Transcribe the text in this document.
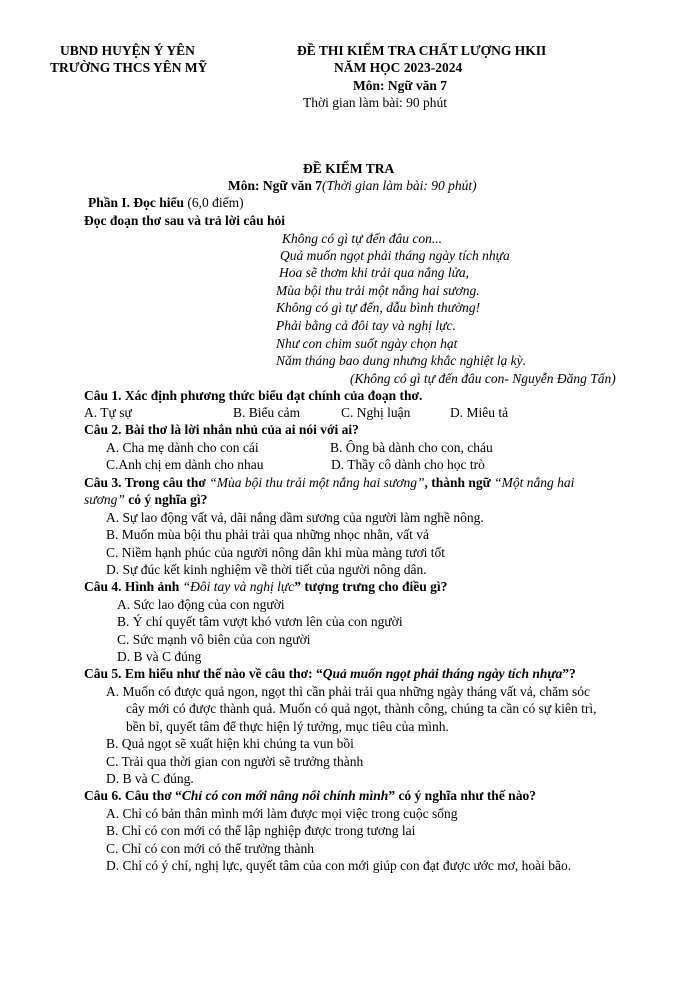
UBND HUYỆN Ý YÊN
TRƯỜNG THCS YÊN MỸ
ĐỀ THI KIỂM TRA CHẤT LƯỢNG HKII
NĂM HỌC 2023-2024
Môn: Ngữ văn 7
Thời gian làm bài: 90 phút
ĐỀ KIỂM TRA
Môn: Ngữ văn 7(Thời gian làm bài: 90 phút)
Phần I. Đọc hiểu (6,0 điểm)
Đọc đoạn thơ sau và trả lời câu hỏi
Không có gì tự đến đâu con...
Quả muốn ngọt phải tháng ngày tích nhựa
Hoa sẽ thơm khi trải qua nắng lửa,
Mùa bội thu trải một nắng hai sương.
Không có gì tự đến, dẫu bình thường!
Phải bằng cả đôi tay và nghị lực.
Như con chim suốt ngày chọn hạt
Năm tháng bao dung nhưng khắc nghiệt lạ kỳ.
(Không có gì tự đến đâu con- Nguyễn Đăng Tấn)
Câu 1. Xác định phương thức biểu đạt chính của đoạn thơ.
A. Tự sự	B. Biểu cảm	C. Nghị luận	D. Miêu tả
Câu 2. Bài thơ là lời nhắn nhủ của ai nói với ai?
A. Cha mẹ dành cho con cái	B. Ông bà dành cho con, cháu
C.Anh chị em dành cho nhau	D. Thầy cô dành cho học trò
Câu 3. Trong câu thơ “Mùa bội thu trải một nắng hai sương”, thành ngữ “Một nắng hai
sương” có ý nghĩa gì?
A. Sự lao động vất vả, dãi nắng dầm sương của người làm nghề nông.
B. Muốn mùa bội thu phải trải qua những nhọc nhằn, vất vả
C. Niềm hạnh phúc của người nông dân khi mùa màng tươi tốt
D. Sự đúc kết kinh nghiệm về thời tiết của người nông dân.
Câu 4. Hình ảnh “Đôi tay và nghị lực” tượng trưng cho điều gì?
A. Sức lao động của con người
B. Ý chí quyết tâm vượt khó vươn lên của con người
C. Sức mạnh vô biên của con người
D. B và C đúng
Câu 5. Em hiểu như thế nào về câu thơ: “Quả muốn ngọt phải tháng ngày tích nhựa”?
A. Muốn có được quả ngon, ngọt thì cần phải trải qua những ngày tháng vất vả, chăm sóc
cây mới có được thành quả. Muốn có quả ngọt, thành công, chúng ta cần có sự kiên trì,
bền bỉ, quyết tâm để thực hiện lý tưởng, mục tiêu của mình.
B. Quả ngọt sẽ xuất hiện khi chúng ta vun bồi
C. Trải qua thời gian con người sẽ trưởng thành
D. B và C đúng.
Câu 6. Câu thơ “Chỉ có con mới nâng nổi chính mình” có ý nghĩa như thế nào?
A. Chỉ có bản thân mình mới làm được mọi việc trong cuộc sống
B. Chỉ có con mới có thể lập nghiệp được trong tương lai
C. Chỉ có con mới có thể trưởng thành
D. Chỉ có ý chí, nghị lực, quyết tâm của con mới giúp con đạt được ước mơ, hoài bão.
